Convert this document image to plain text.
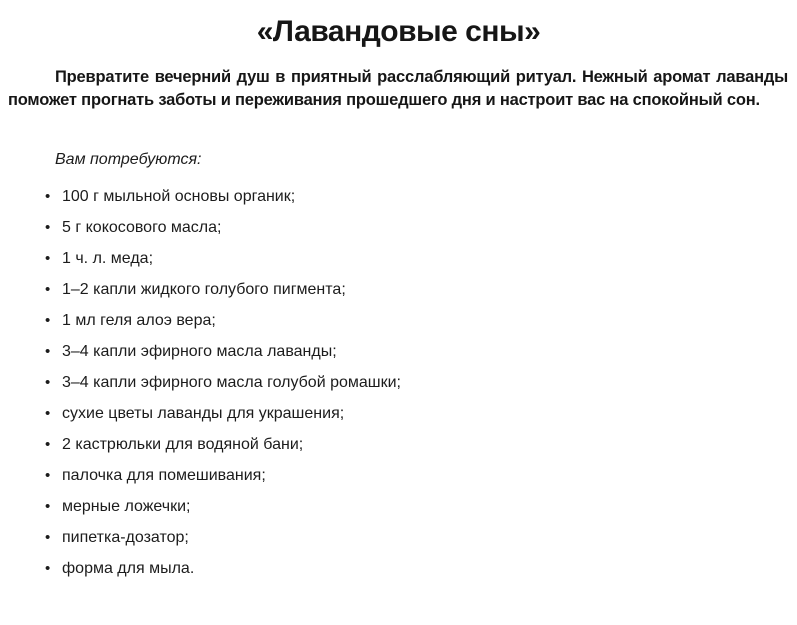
«Лавандовые сны»

Превратите вечерний душ в приятный расслабляющий ритуал. Нежный аромат лаванды поможет прогнать заботы и переживания прошедшего дня и настроит вас на спокойный сон.

Вам потребуются:

• 100 г мыльной основы органик;
• 5 г кокосового масла;
• 1 ч. л. меда;
• 1–2 капли жидкого голубого пигмента;
• 1 мл геля алоэ вера;
• 3–4 капли эфирного масла лаванды;
• 3–4 капли эфирного масла голубой ромашки;
• сухие цветы лаванды для украшения;
• 2 кастрюльки для водяной бани;
• палочка для помешивания;
• мерные ложечки;
• пипетка-дозатор;
• форма для мыла.
